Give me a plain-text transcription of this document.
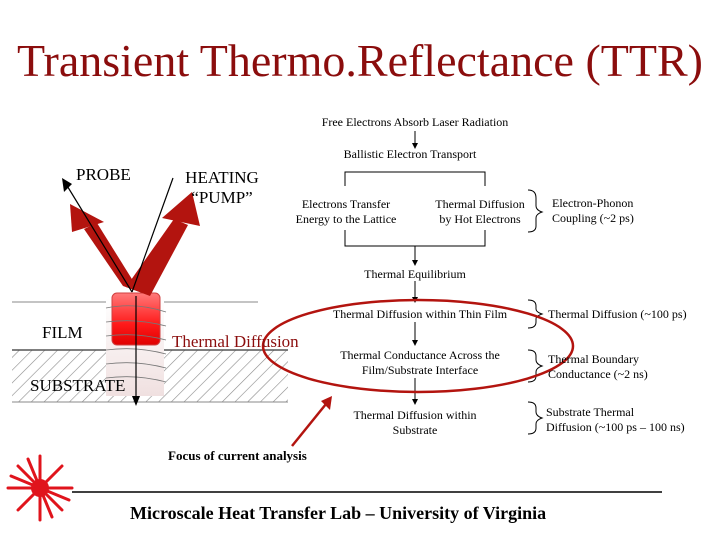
Transient Thermo.Reflectance (TTR)
PROBE	HEATING
“PUMP”
FILM
SUBSTRATE
Thermal Diffusion
Free Electrons Absorb Laser Radiation
Ballistic Electron Transport
Electrons Transfer
Energy to the Lattice
Thermal Diffusion
by Hot Electrons
Thermal Equilibrium
Thermal Diffusion within Thin Film
Thermal Conductance Across the
Film/Substrate Interface
Thermal Diffusion within
Substrate
Electron-Phonon
Coupling (~2 ps)
Thermal Diffusion (~100 ps)
Thermal Boundary
Conductance (~2 ns)
Substrate Thermal
Diffusion (~100 ps – 100 ns)
Focus of current analysis
Microscale Heat Transfer Lab – University of Virginia
